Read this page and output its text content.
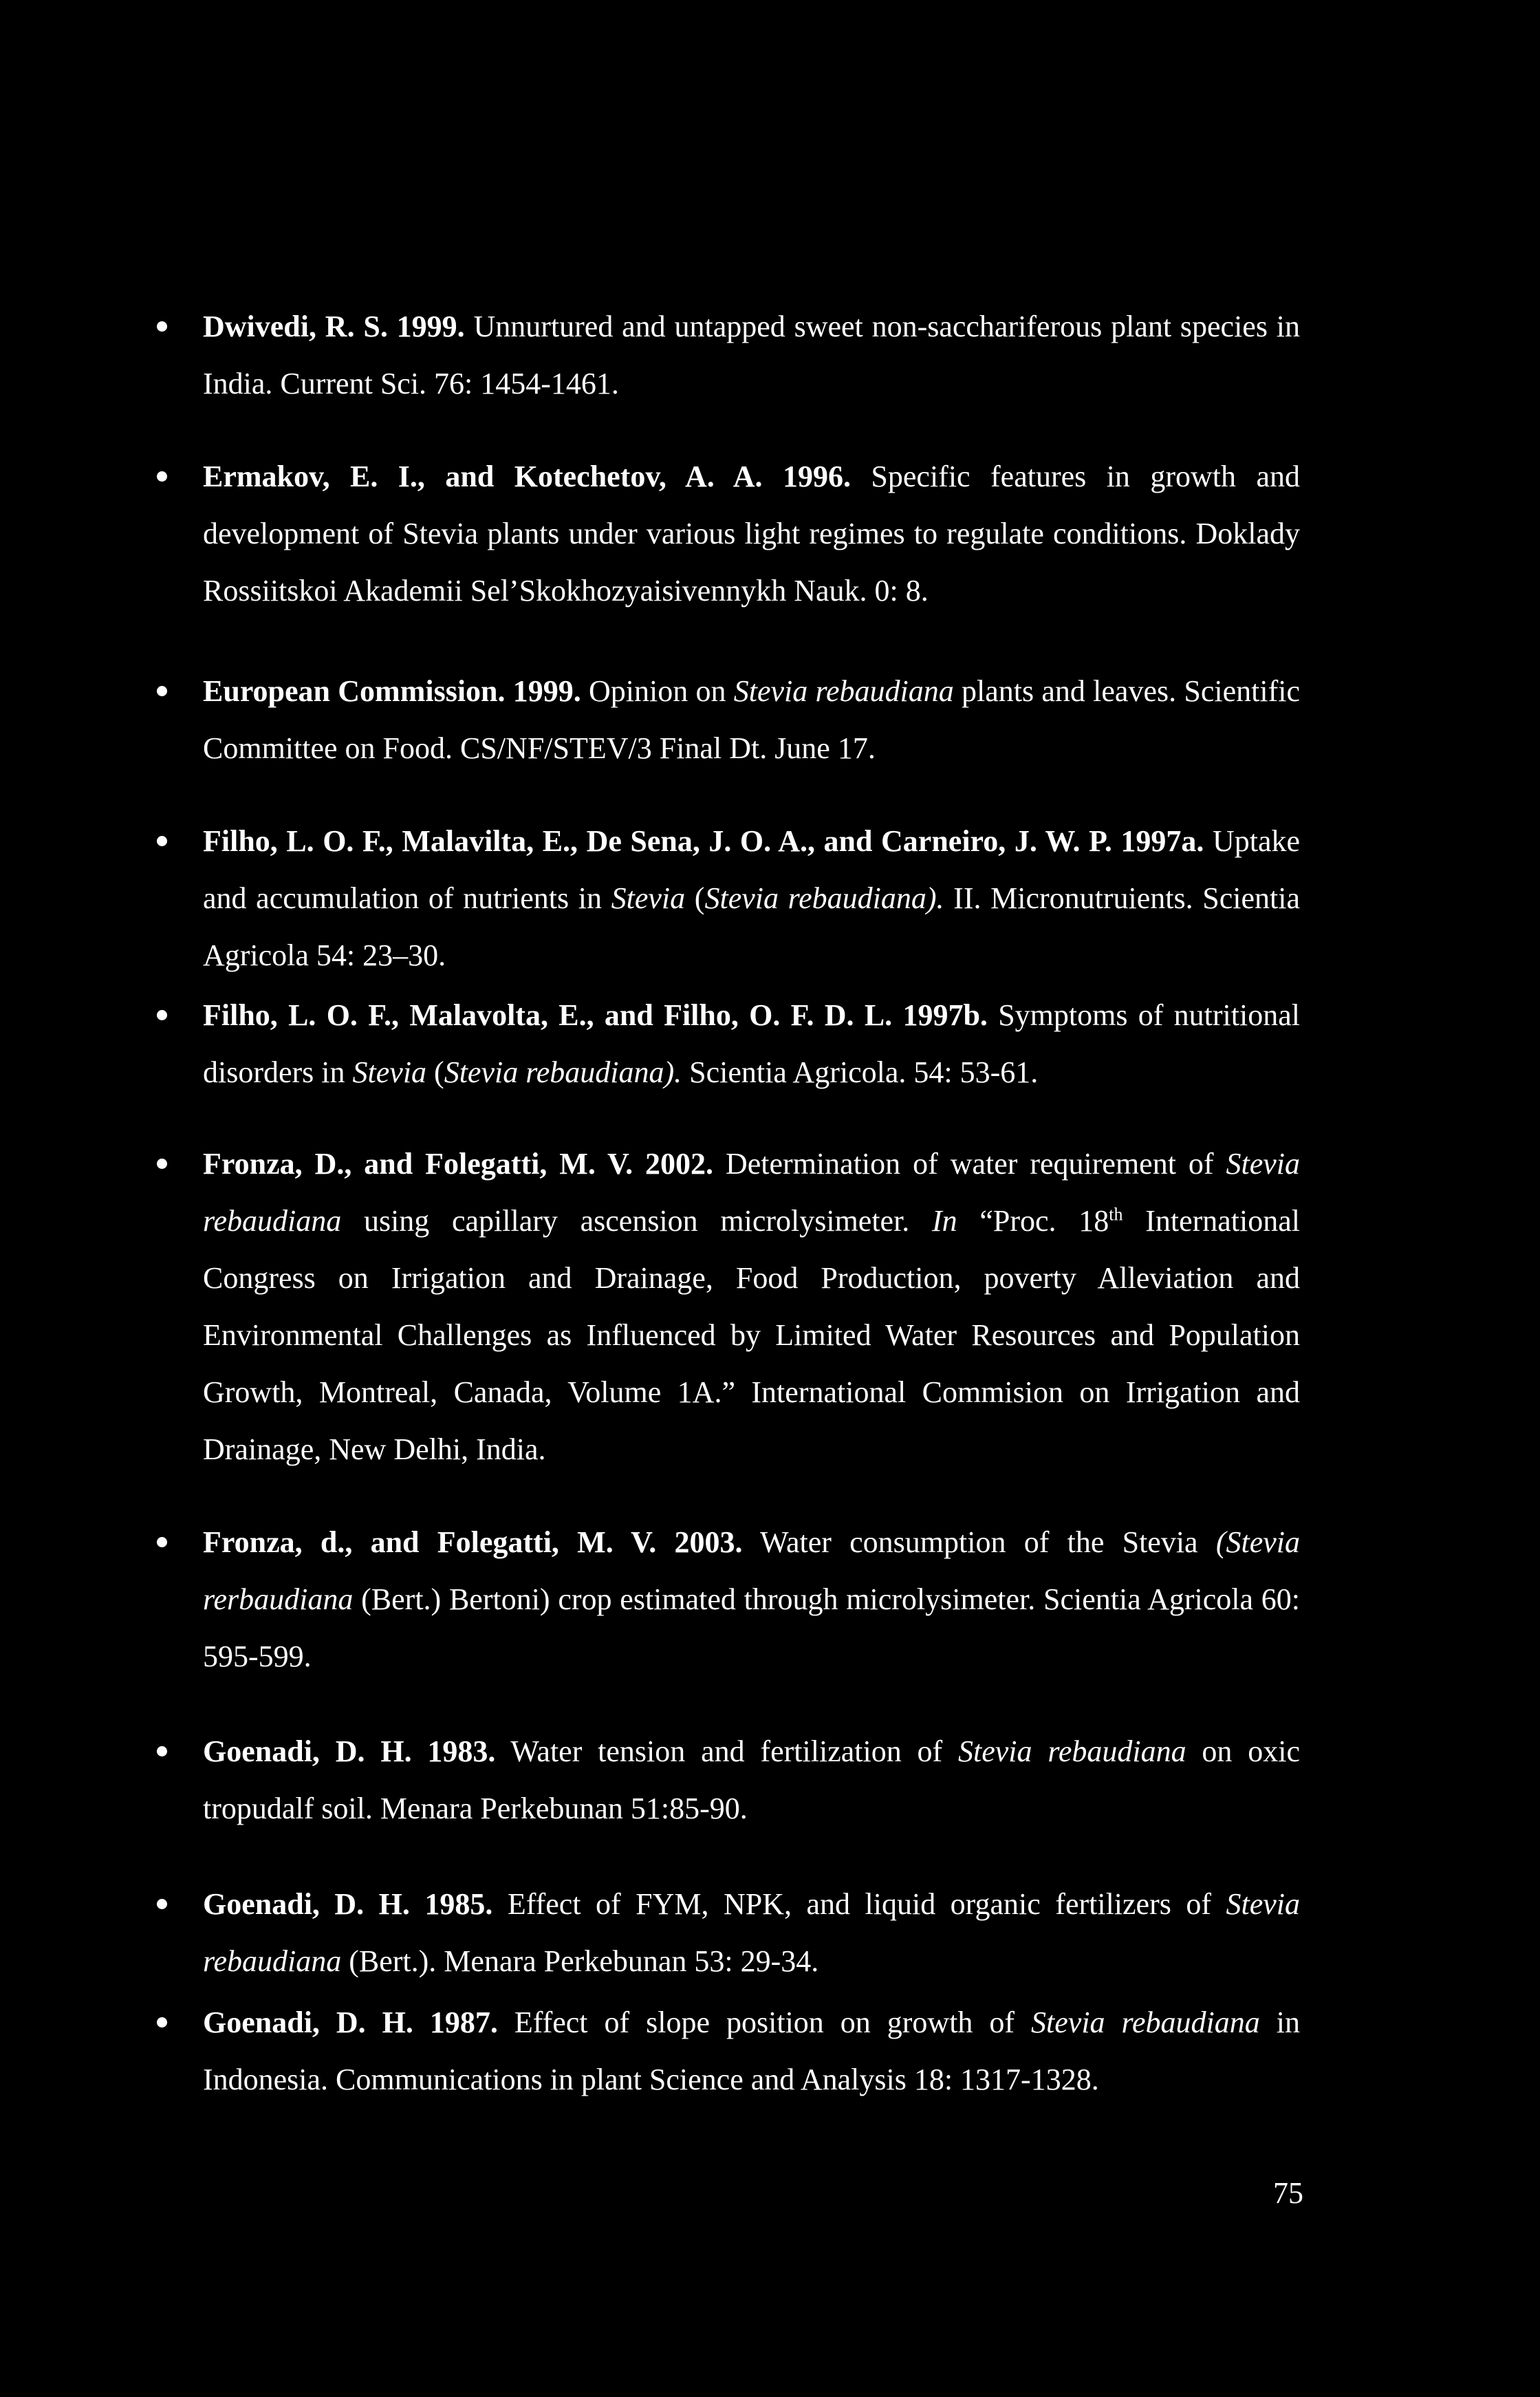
Dwivedi, R. S. 1999. Unnurtured and untapped sweet non-sacchariferous plant species in India. Current Sci. 76: 1454-1461.

Ermakov, E. I., and Kotechetov, A. A. 1996. Specific features in growth and development of Stevia plants under various light regimes to regulate conditions. Doklady Rossiitskoi Akademii Sel’Skokhozyaisivennykh Nauk. 0: 8.

European Commission. 1999. Opinion on Stevia rebaudiana plants and leaves. Scientific Committee on Food. CS/NF/STEV/3 Final Dt. June 17.

Filho, L. O. F., Malavilta, E., De Sena, J. O. A., and Carneiro, J. W. P. 1997a. Uptake and accumulation of nutrients in Stevia (Stevia rebaudiana). II. Micronutruients. Scientia Agricola 54: 23–30.

Filho, L. O. F., Malavolta, E., and Filho, O. F. D. L. 1997b. Symptoms of nutritional disorders in Stevia (Stevia rebaudiana). Scientia Agricola. 54: 53-61.

Fronza, D., and Folegatti, M. V. 2002. Determination of water requirement of Stevia rebaudiana using capillary ascension microlysimeter. In “Proc. 18th International Congress on Irrigation and Drainage, Food Production, poverty Alleviation and Environmental Challenges as Influenced by Limited Water Resources and Population Growth, Montreal, Canada, Volume 1A.” International Commision on Irrigation and Drainage, New Delhi, India.

Fronza, d., and Folegatti, M. V. 2003. Water consumption of the Stevia (Stevia rerbaudiana (Bert.) Bertoni) crop estimated through microlysimeter. Scientia Agricola 60: 595-599.

Goenadi, D. H. 1983. Water tension and fertilization of Stevia rebaudiana on oxic tropudalf soil. Menara Perkebunan 51:85-90.

Goenadi, D. H. 1985. Effect of FYM, NPK, and liquid organic fertilizers of Stevia rebaudiana (Bert.). Menara Perkebunan 53: 29-34.

Goenadi, D. H. 1987. Effect of slope position on growth of Stevia rebaudiana in Indonesia. Communications in plant Science and Analysis 18: 1317-1328.

75
